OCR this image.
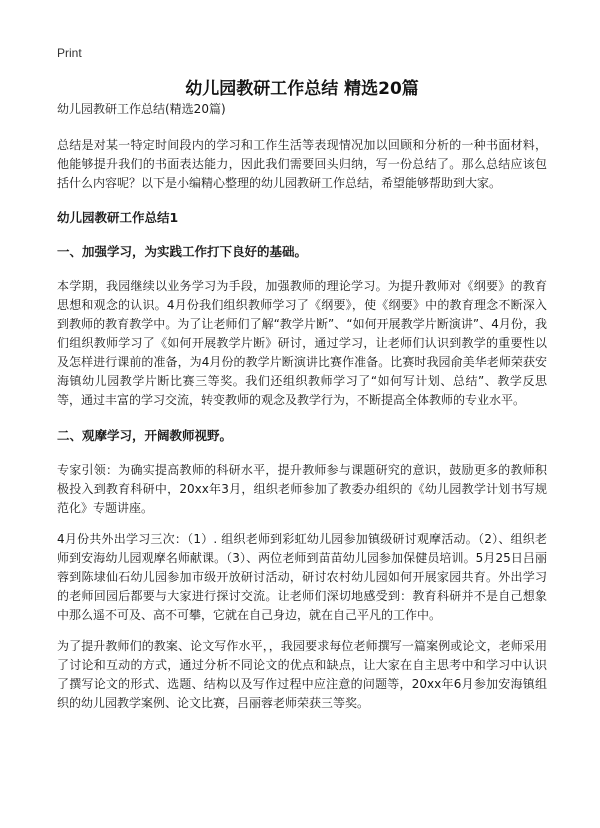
Print
幼儿园教研工作总结 精选20篇

幼儿园教研工作总结(精选20篇)

总结是对某一特定时间段内的学习和工作生活等表现情况加以回顾和分析的一种书面材料，他能够提升我们的书面表达能力，因此我们需要回头归纳，写一份总结了。那么总结应该包括什么内容呢？以下是小编精心整理的幼儿园教研工作总结，希望能够帮助到大家。

幼儿园教研工作总结1
一、加强学习，为实践工作打下良好的基础。

本学期，我园继续以业务学习为手段，加强教师的理论学习。为提升教师对《纲要》的教育思想和观念的认识。4月份我们组织教师学习了《纲要》，使《纲要》中的教育理念不断深入到教师的教育教学中。为了让老师们了解“教学片断”、“如何开展教学片断演讲”、4月份，我们组织教师学习了《如何开展教学片断》研讨，通过学习，让老师们认识到教学的重要性以及怎样进行课前的准备，为4月份的教学片断演讲比赛作准备。比赛时我园俞美华老师荣获安海镇幼儿园教学片断比赛三等奖。我们还组织教师学习了“如何写计划、总结”、教学反思等，通过丰富的学习交流，转变教师的观念及教学行为，不断提高全体教师的专业水平。

二、观摩学习，开阔教师视野。

专家引领：为确实提高教师的科研水平，提升教师参与课题研究的意识，鼓励更多的教师积极投入到教育科研中，20xx年3月，组织老师参加了教委办组织的《幼儿园教学计划书写规范化》专题讲座。

4月份共外出学习三次：（1）. 组织老师到彩虹幼儿园参加镇级研讨观摩活动。（2）、组织老师到安海幼儿园观摩名师献课。（3）、两位老师到苗苗幼儿园参加保健员培训。5月25日吕丽蓉到陈埭仙石幼儿园参加市级开放研讨活动，研讨农村幼儿园如何开展家园共育。外出学习的老师回园后都要与大家进行探讨交流。让老师们深切地感受到：教育科研并不是自己想象中那么遥不可及、高不可攀，它就在自己身边，就在自己平凡的工作中。

为了提升教师们的教案、论文写作水平，，我园要求每位老师撰写一篇案例或论文，老师采用了讨论和互动的方式，通过分析不同论文的优点和缺点，让大家在自主思考中和学习中认识了撰写论文的形式、选题、结构以及写作过程中应注意的问题等，20xx年6月参加安海镇组织的幼儿园教学案例、论文比赛，吕丽蓉老师荣获三等奖。
